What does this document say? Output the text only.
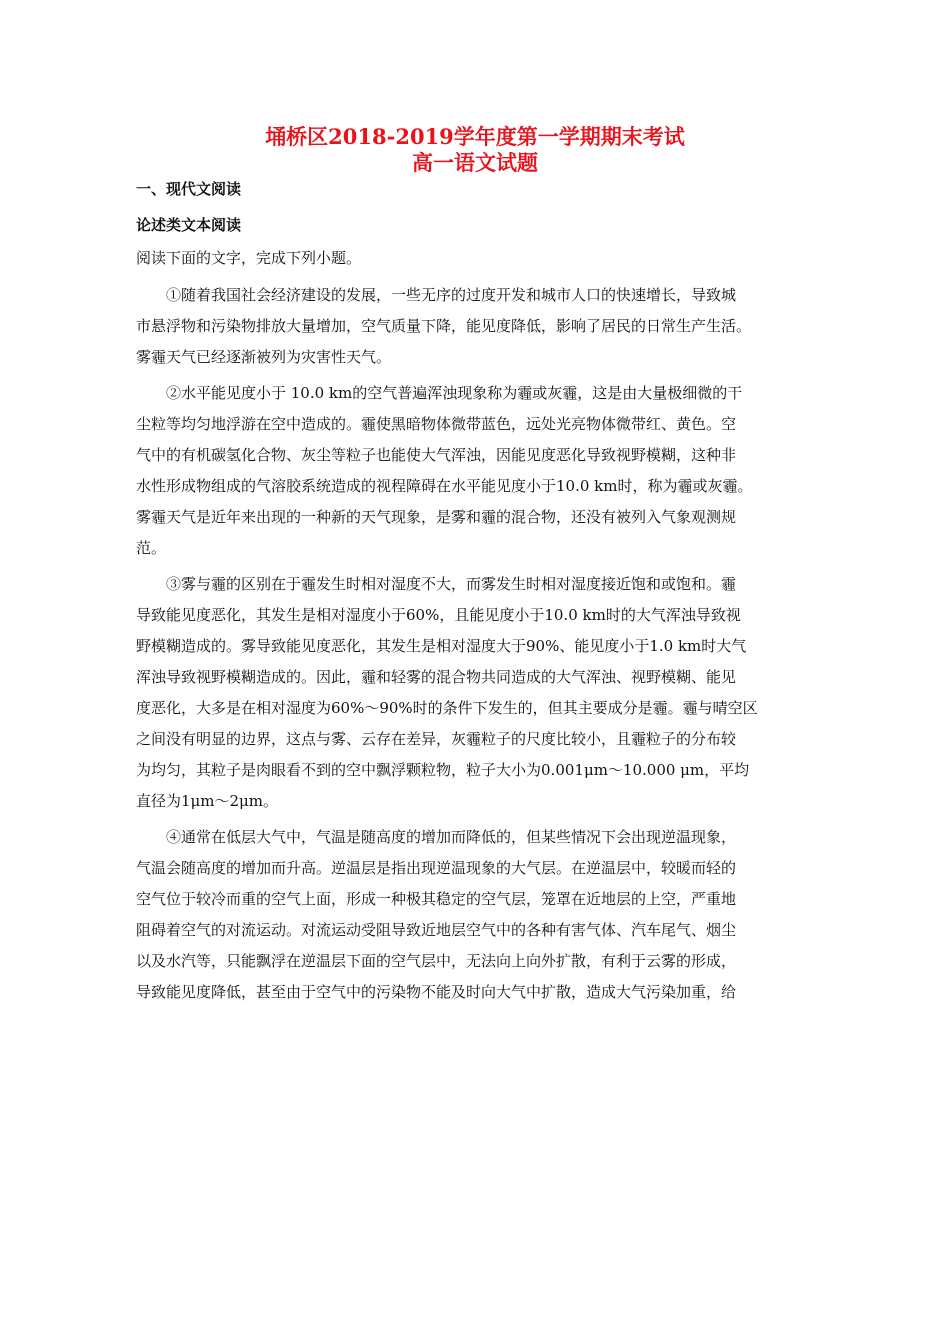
埇桥区2018-2019学年度第一学期期末考试
高一语文试题
一、现代文阅读
论述类文本阅读
阅读下面的文字，完成下列小题。
①随着我国社会经济建设的发展，一些无序的过度开发和城市人口的快速增长，导致城
市悬浮物和污染物排放大量增加，空气质量下降，能见度降低，影响了居民的日常生产生活。
雾霾天气已经逐渐被列为灾害性天气。
②水平能见度小于 10.0 km的空气普遍浑浊现象称为霾或灰霾，这是由大量极细微的干
尘粒等均匀地浮游在空中造成的。霾使黑暗物体微带蓝色，远处光亮物体微带红、黄色。空
气中的有机碳氢化合物、灰尘等粒子也能使大气浑浊，因能见度恶化导致视野模糊，这种非
水性形成物组成的气溶胶系统造成的视程障碍在水平能见度小于10.0 km时，称为霾或灰霾。
雾霾天气是近年来出现的一种新的天气现象，是雾和霾的混合物，还没有被列入气象观测规
范。
③雾与霾的区别在于霾发生时相对湿度不大，而雾发生时相对湿度接近饱和或饱和。霾
导致能见度恶化，其发生是相对湿度小于60%，且能见度小于10.0 km时的大气浑浊导致视
野模糊造成的。雾导致能见度恶化，其发生是相对湿度大于90%、能见度小于1.0 km时大气
浑浊导致视野模糊造成的。因此，霾和轻雾的混合物共同造成的大气浑浊、视野模糊、能见
度恶化，大多是在相对湿度为60%～90%时的条件下发生的，但其主要成分是霾。霾与晴空区
之间没有明显的边界，这点与雾、云存在差异，灰霾粒子的尺度比较小，且霾粒子的分布较
为均匀，其粒子是肉眼看不到的空中飘浮颗粒物，粒子大小为0.001μm～10.000 μm，平均
直径为1μm～2μm。
④通常在低层大气中，气温是随高度的增加而降低的，但某些情况下会出现逆温现象，
气温会随高度的增加而升高。逆温层是指出现逆温现象的大气层。在逆温层中，较暖而轻的
空气位于较冷而重的空气上面，形成一种极其稳定的空气层，笼罩在近地层的上空，严重地
阻碍着空气的对流运动。对流运动受阻导致近地层空气中的各种有害气体、汽车尾气、烟尘
以及水汽等，只能飘浮在逆温层下面的空气层中，无法向上向外扩散，有利于云雾的形成，
导致能见度降低，甚至由于空气中的污染物不能及时向大气中扩散，造成大气污染加重，给
